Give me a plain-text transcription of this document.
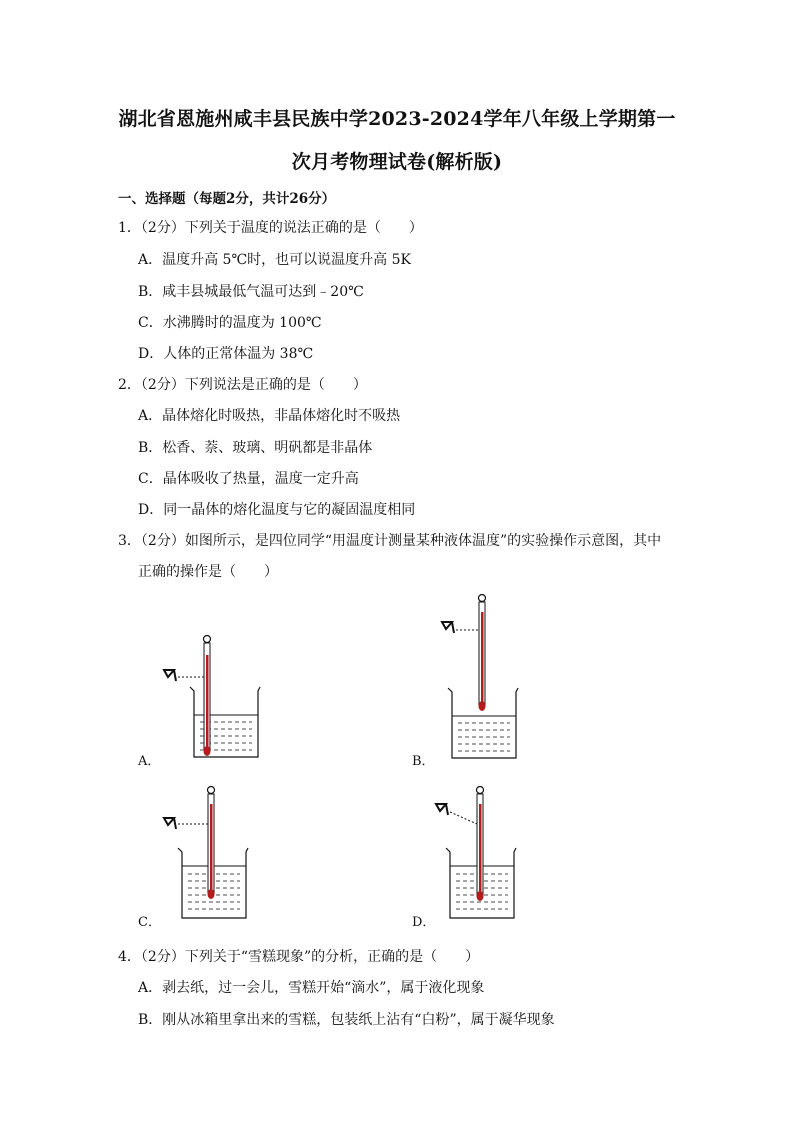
湖北省恩施州咸丰县民族中学2023-2024学年八年级上学期第一
次月考物理试卷(解析版)
一、选择题（每题2分，共计26分）
1．（2分）下列关于温度的说法正确的是（　　）
A．温度升高 5℃时，也可以说温度升高 5K
B．咸丰县城最低气温可达到﹣20℃
C．水沸腾时的温度为 100℃
D．人体的正常体温为 38℃
2．（2分）下列说法是正确的是（　　）
A．晶体熔化时吸热，非晶体熔化时不吸热
B．松香、萘、玻璃、明矾都是非晶体
C．晶体吸收了热量，温度一定升高
D．同一晶体的熔化温度与它的凝固温度相同
3．（2分）如图所示，是四位同学“用温度计测量某种液体温度”的实验操作示意图，其中
正确的操作是（　　）
A．	B．
C．	D．
4．（2分）下列关于“雪糕现象”的分析，正确的是（　　）
A．剥去纸，过一会儿，雪糕开始“滴水”，属于液化现象
B．刚从冰箱里拿出来的雪糕，包装纸上沾有“白粉”，属于凝华现象
